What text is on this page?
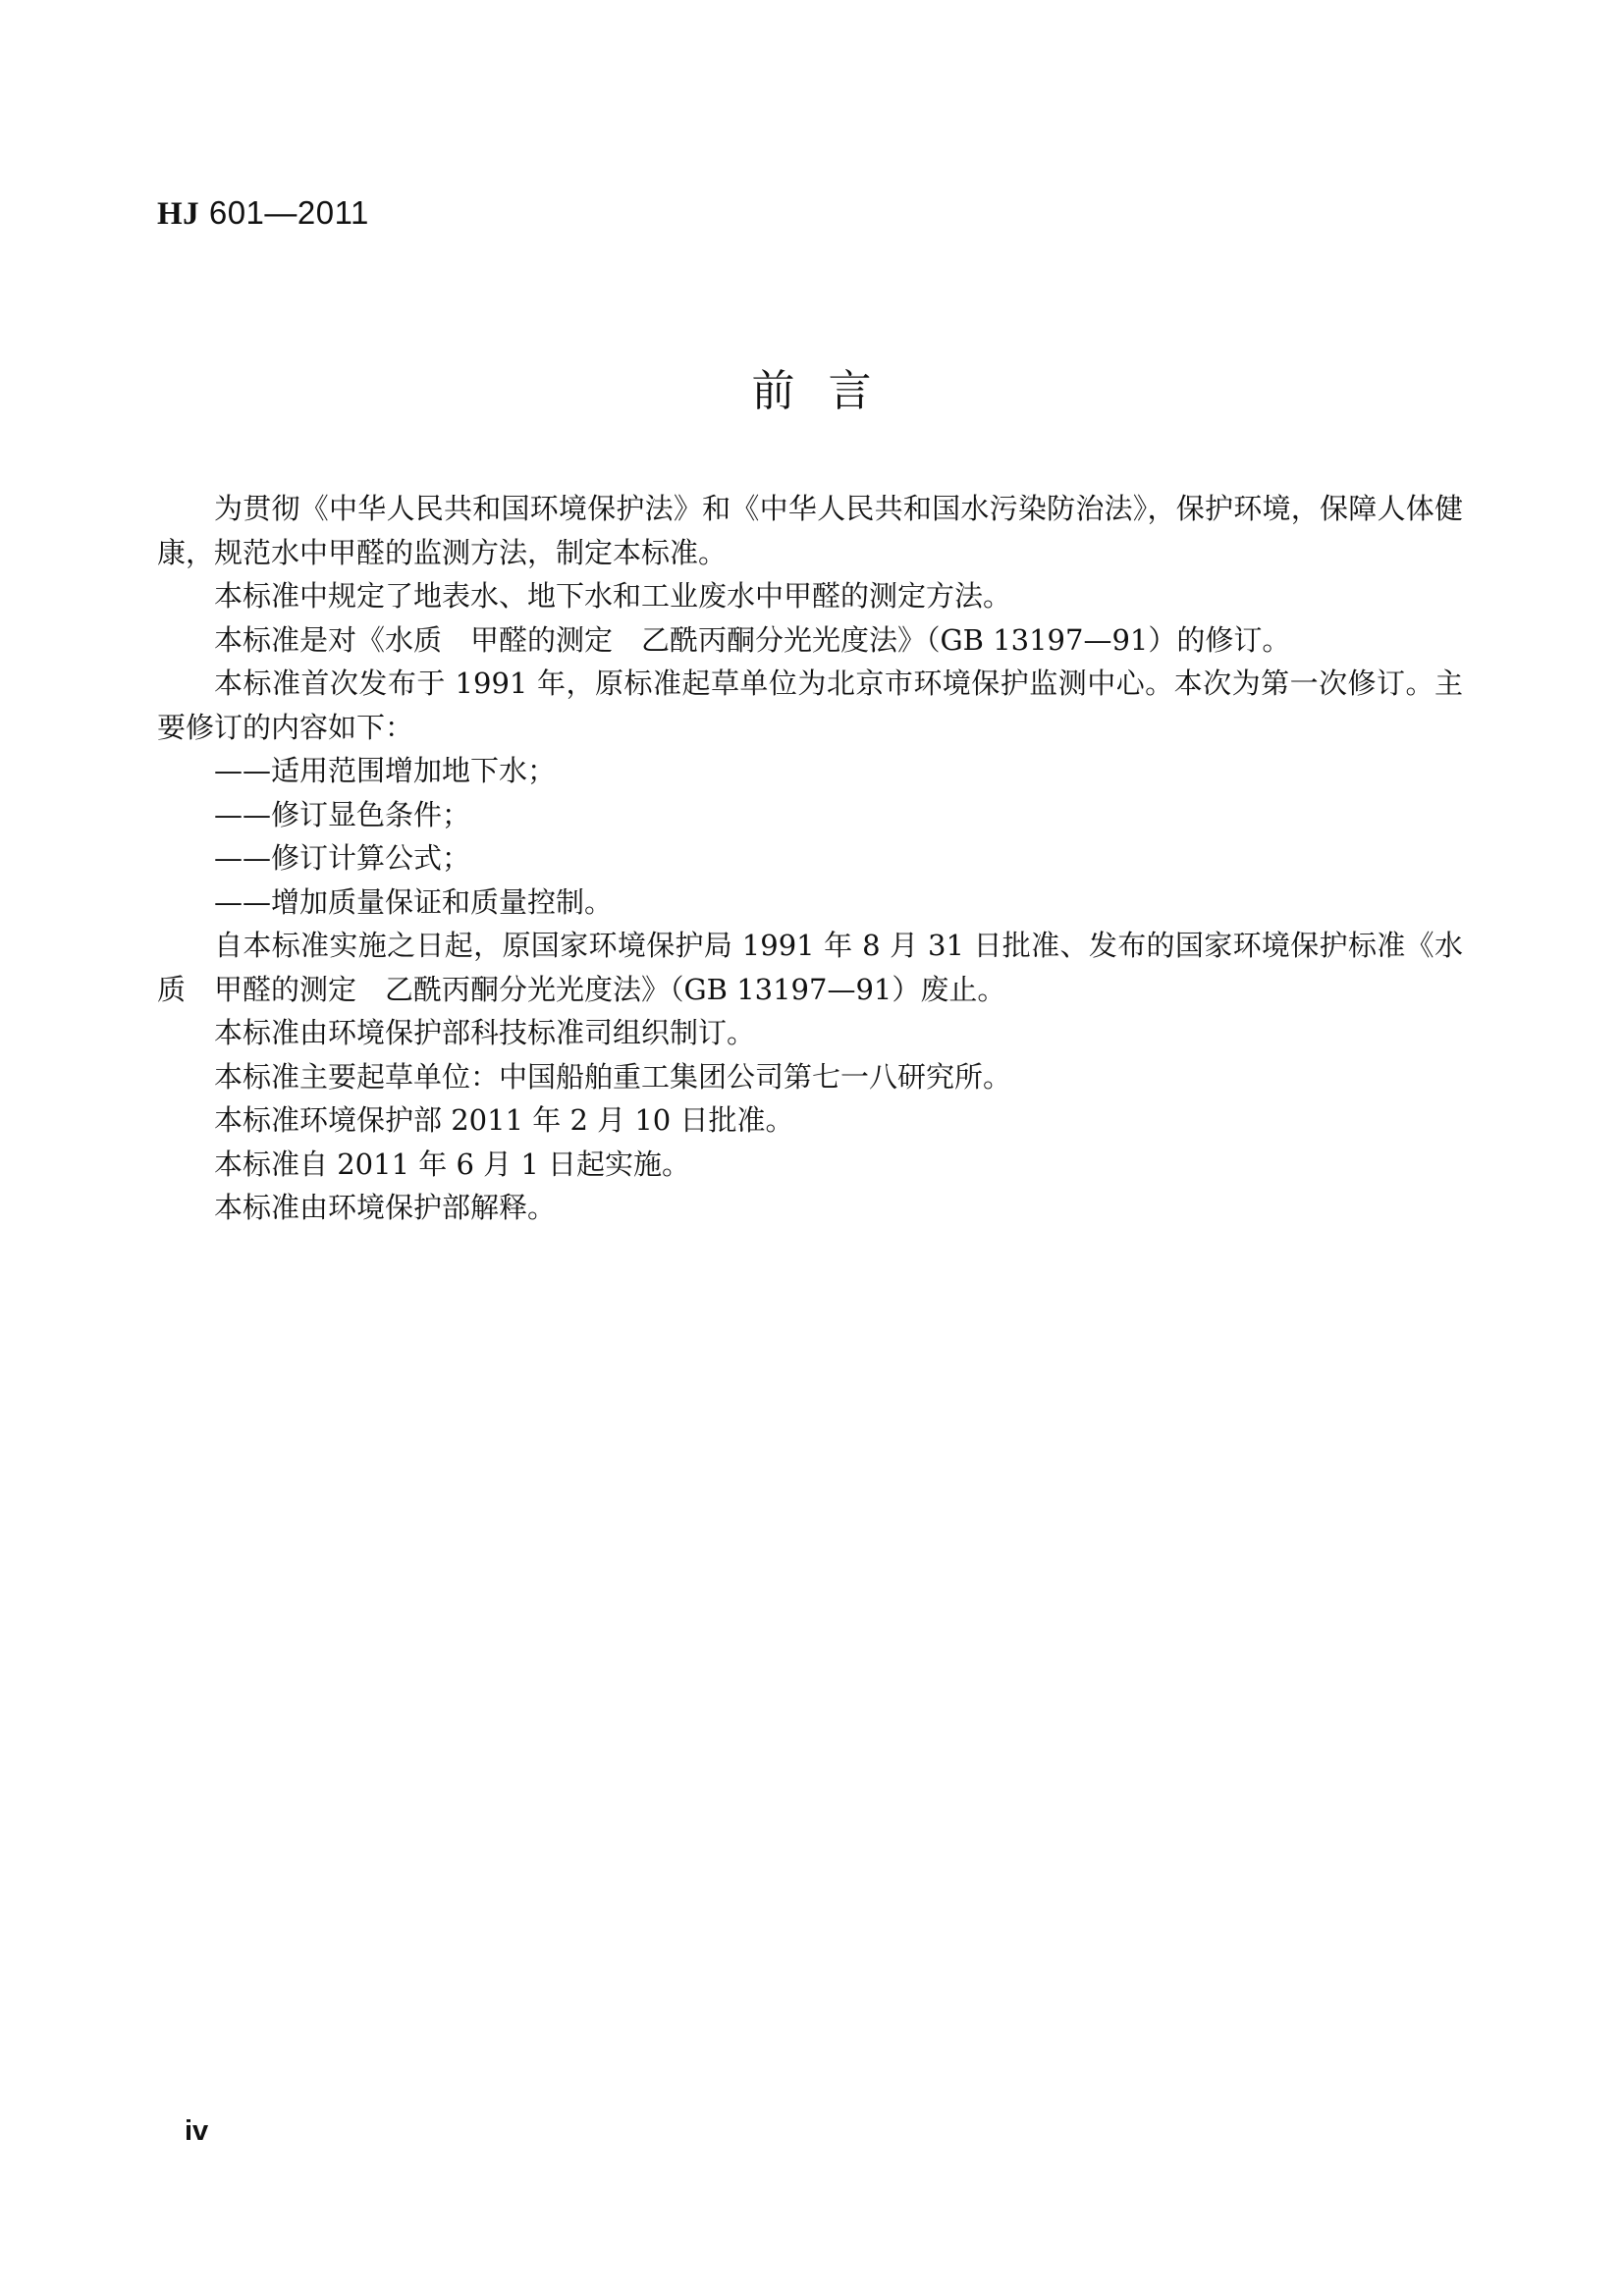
HJ 601—2011
前言

为贯彻《中华人民共和国环境保护法》和《中华人民共和国水污染防治法》，保护环境，保障人体健康，规范水中甲醛的监测方法，制定本标准。

本标准中规定了地表水、地下水和工业废水中甲醛的测定方法。

本标准是对《水质　甲醛的测定　乙酰丙酮分光光度法》（GB 13197—91）的修订。

本标准首次发布于 1991 年，原标准起草单位为北京市环境保护监测中心。本次为第一次修订。主要修订的内容如下：

——适用范围增加地下水；

——修订显色条件；

——修订计算公式；

——增加质量保证和质量控制。

自本标准实施之日起，原国家环境保护局 1991 年 8 月 31 日批准、发布的国家环境保护标准《水质　甲醛的测定　乙酰丙酮分光光度法》（GB 13197—91）废止。

本标准由环境保护部科技标准司组织制订。

本标准主要起草单位：中国船舶重工集团公司第七一八研究所。

本标准环境保护部 2011 年 2 月 10 日批准。

本标准自 2011 年 6 月 1 日起实施。

本标准由环境保护部解释。

iv
